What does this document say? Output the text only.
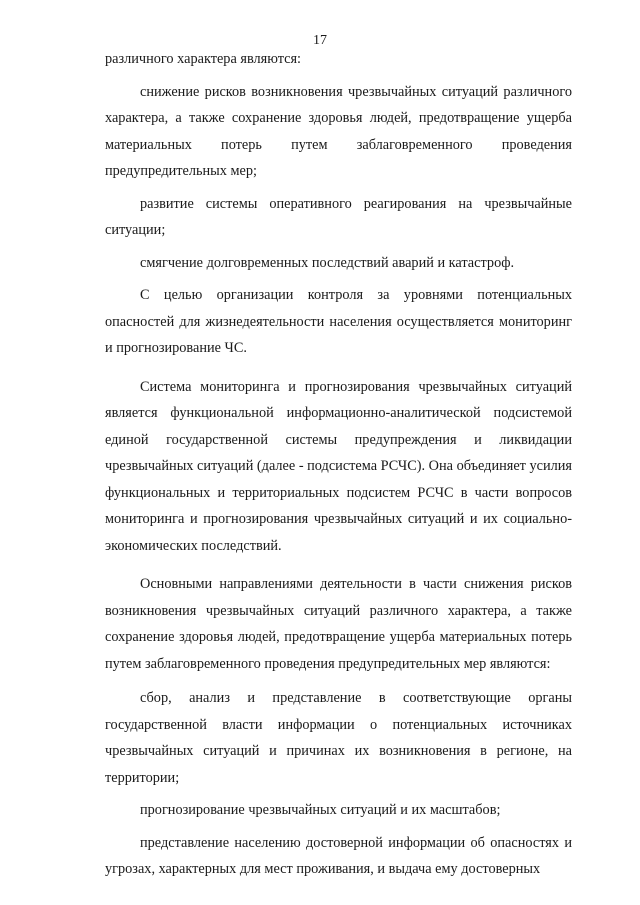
17

различного характера являются:

снижение рисков возникновения чрезвычайных ситуаций различного характера, а также сохранение здоровья людей, предотвращение ущерба материальных потерь путем заблаговременного проведения предупредительных мер;

развитие системы оперативного реагирования на чрезвычайные ситуации;

смягчение долговременных последствий аварий и катастроф.

С целью организации контроля за уровнями потенциальных опасностей для жизнедеятельности населения осуществляется мониторинг и прогнозирование ЧС.

Система мониторинга и прогнозирования чрезвычайных ситуаций является функциональной информационно-аналитической подсистемой единой государственной системы предупреждения и ликвидации чрезвычайных ситуаций (далее - подсистема РСЧС). Она объединяет усилия функциональных и территориальных подсистем РСЧС в части вопросов мониторинга и прогнозирования чрезвычайных ситуаций и их социально-экономических последствий.

Основными направлениями деятельности в части снижения рисков возникновения чрезвычайных ситуаций различного характера, а также сохранение здоровья людей, предотвращение ущерба материальных потерь путем заблаговременного проведения предупредительных мер являются:

сбор, анализ и представление в соответствующие органы государственной власти информации о потенциальных источниках чрезвычайных ситуаций и причинах их возникновения в регионе, на территории;

прогнозирование чрезвычайных ситуаций и их масштабов;

представление населению достоверной информации об опасностях и угрозах, характерных для мест проживания, и выдача ему достоверных
